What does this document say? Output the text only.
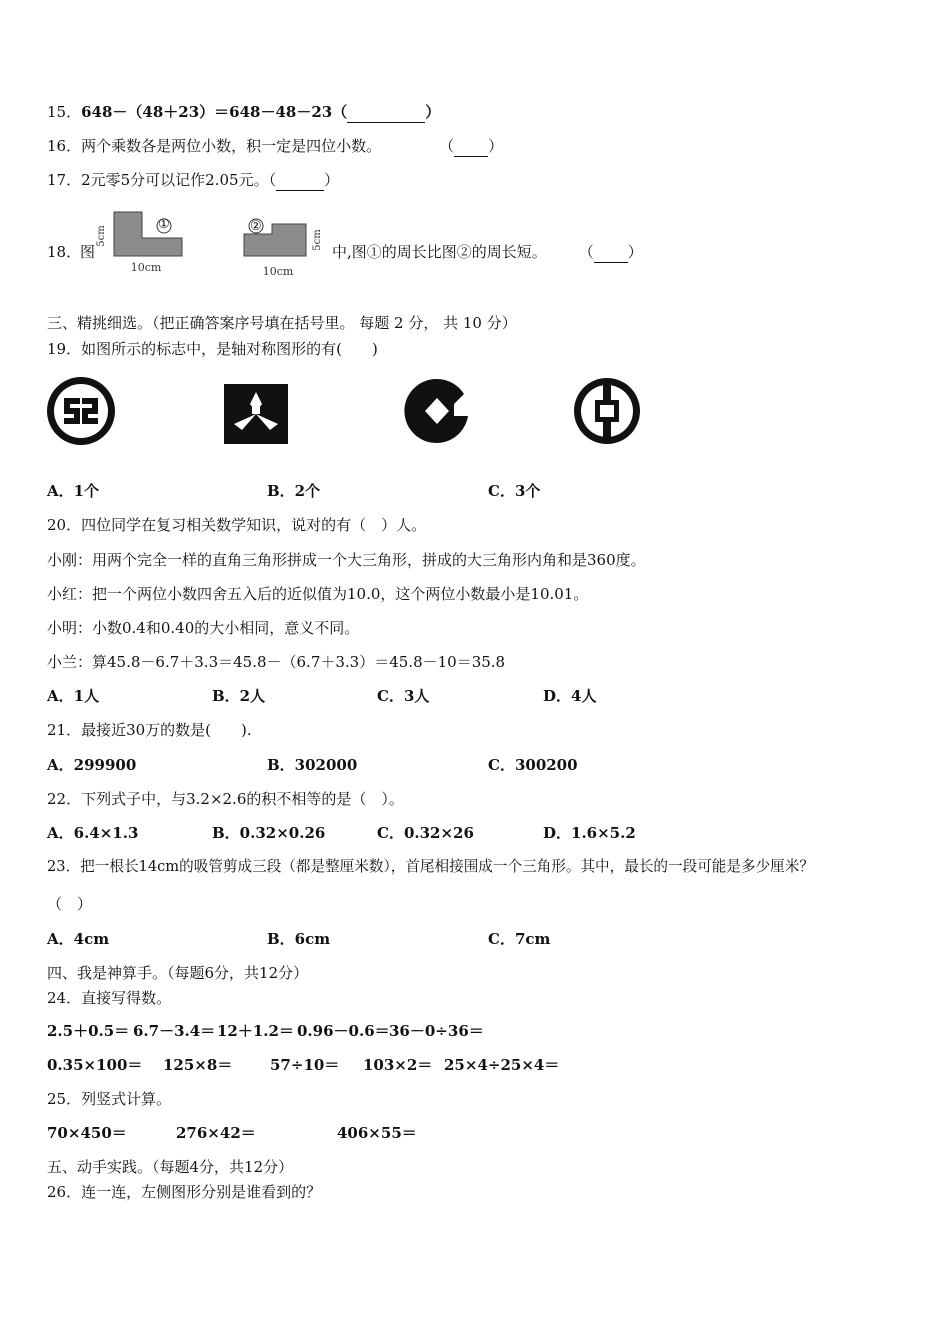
15．648－（48＋23）＝648－48－23（	）
16．两个乘数各是两位小数，积一定是四位小数。	（ ）
17．2元零5分可以记作2.05元。（	）
18．
图
5cm
10cm
5cm
10cm
中,图①的周长比图②的周长短。 （ ）
①	②
三、精挑细选。（把正确答案序号填在括号里。 每题 2 分， 共 10 分）
19．如图所示的标志中，是轴对称图形的有(　　)
A．1个	B．2个	C．3个
20．四位同学在复习相关数学知识，说对的有（　）人。
小刚：用两个完全一样的直角三角形拼成一个大三角形，拼成的大三角形内角和是360度。
小红：把一个两位小数四舍五入后的近似值为10.0，这个两位小数最小是10.01。
小明：小数0.4和0.40的大小相同，意义不同。
小兰：算45.8－6.7＋3.3＝45.8－（6.7＋3.3）＝45.8－10＝35.8
A．1人	B．2人	C．3人	D．4人
21．最接近30万的数是(　　).
A．299900	B．302000	C．300200
22．下列式子中，与3.2×2.6的积不相等的是（　）。
A．6.4×1.3	B．0.32×0.26	C．0.32×26	D．1.6×5.2
23．把一根长14cm的吸管剪成三段（都是整厘米数），首尾相接围成一个三角形。其中，最长的一段可能是多少厘米？
（　）
A．4cm	B．6cm	C．7cm
四、我是神算手。（每题6分，共12分）
24．直接写得数。
2.5＋0.5＝ 6.7－3.4＝ 12＋1.2＝ 0.96－0.6＝ 36－0÷36＝
0.35×100＝ 125×8＝	57÷10＝ 103×2＝ 25×4÷25×4＝
25．列竖式计算。
70×450＝	276×42＝	406×55＝
五、动手实践。（每题4分，共12分）
26．连一连，左侧图形分别是谁看到的？
